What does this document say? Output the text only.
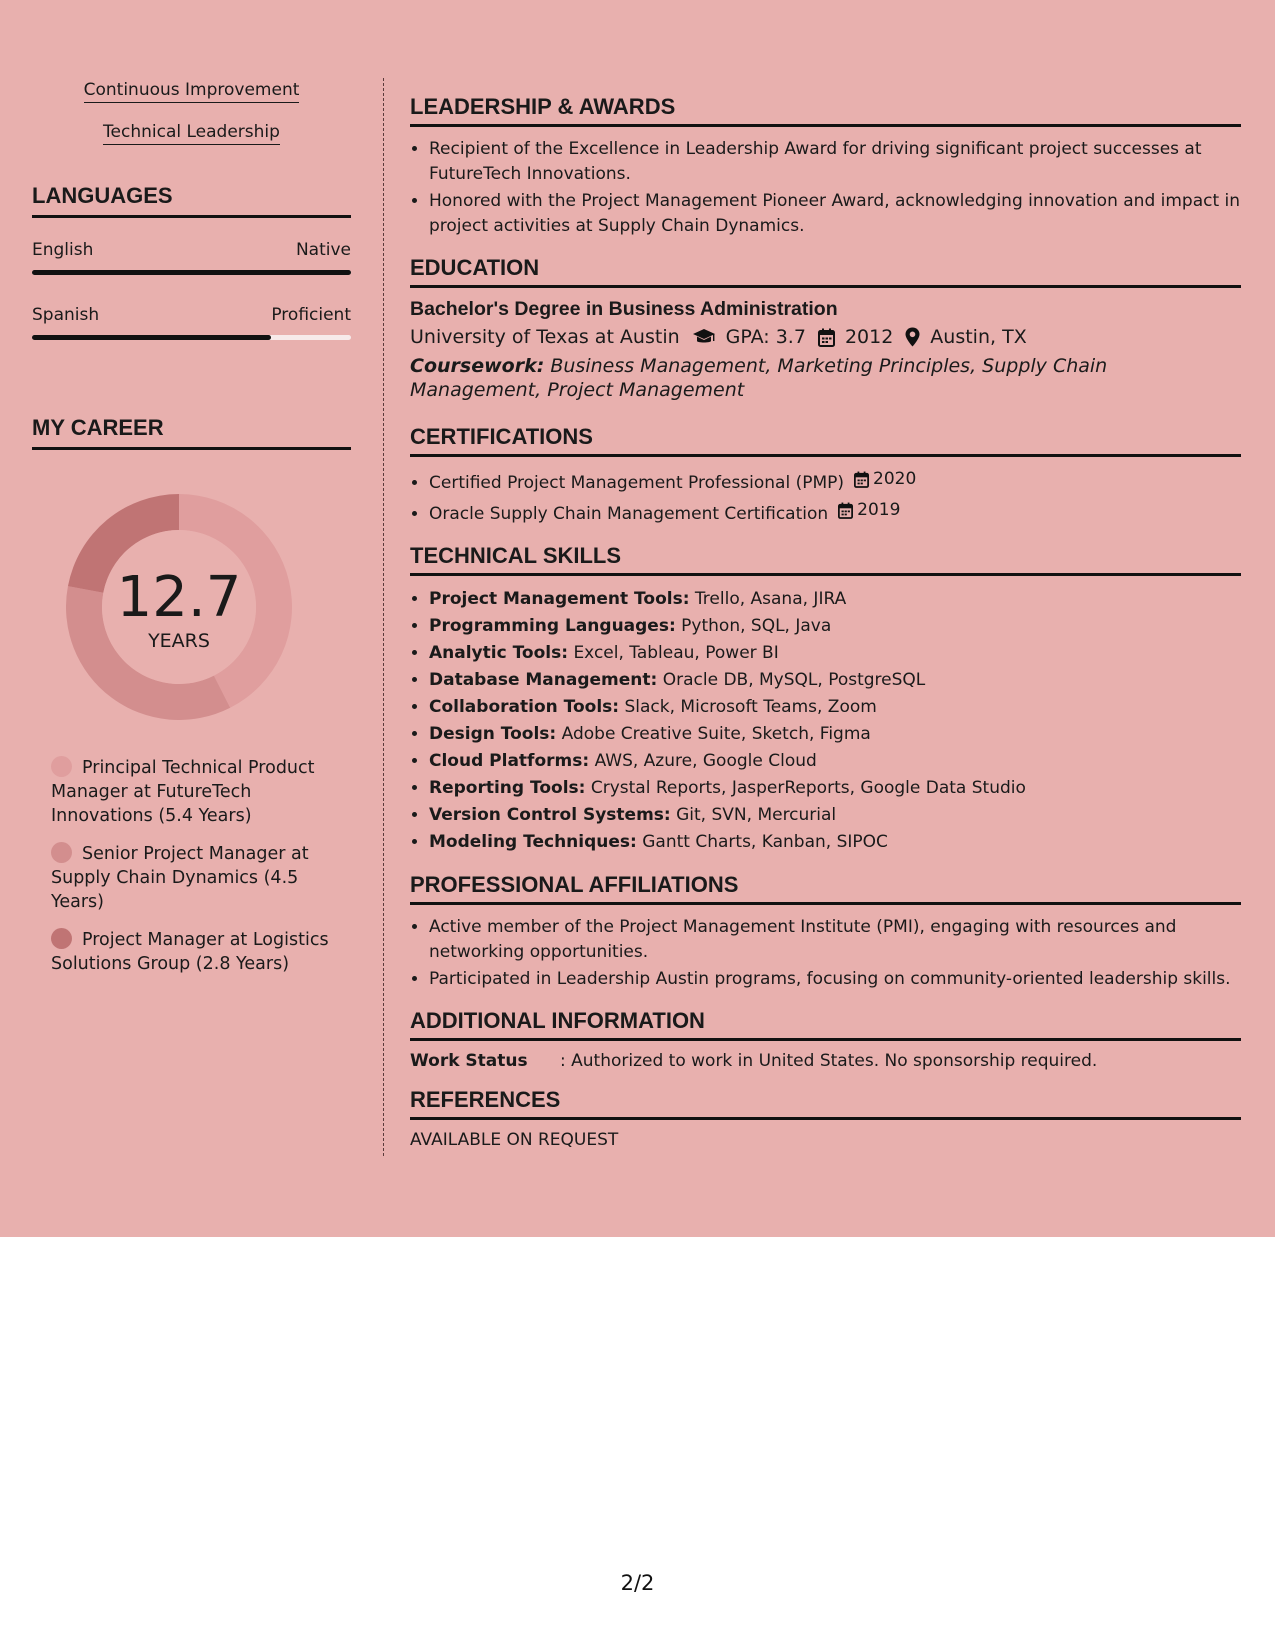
Continuous Improvement
Technical Leadership
LANGUAGES
English	Native
Spanish	Proficient
MY CAREER
12.7
YEARS
Principal Technical Product Manager at FutureTech Innovations (5.4 Years)
Senior Project Manager at Supply Chain Dynamics (4.5 Years)
Project Manager at Logistics Solutions Group (2.8 Years)
LEADERSHIP & AWARDS
• Recipient of the Excellence in Leadership Award for driving significant project successes at FutureTech Innovations.
• Honored with the Project Management Pioneer Award, acknowledging innovation and impact in project activities at Supply Chain Dynamics.
EDUCATION
Bachelor's Degree in Business Administration
University of Texas at Austin GPA: 3.7 2012 Austin, TX
Coursework: Business Management, Marketing Principles, Supply Chain Management, Project Management
CERTIFICATIONS
• Certified Project Management Professional (PMP) 2020
• Oracle Supply Chain Management Certification 2019
TECHNICAL SKILLS
• Project Management Tools: Trello, Asana, JIRA
• Programming Languages: Python, SQL, Java
• Analytic Tools: Excel, Tableau, Power BI
• Database Management: Oracle DB, MySQL, PostgreSQL
• Collaboration Tools: Slack, Microsoft Teams, Zoom
• Design Tools: Adobe Creative Suite, Sketch, Figma
• Cloud Platforms: AWS, Azure, Google Cloud
• Reporting Tools: Crystal Reports, JasperReports, Google Data Studio
• Version Control Systems: Git, SVN, Mercurial
• Modeling Techniques: Gantt Charts, Kanban, SIPOC
PROFESSIONAL AFFILIATIONS
• Active member of the Project Management Institute (PMI), engaging with resources and networking opportunities.
• Participated in Leadership Austin programs, focusing on community-oriented leadership skills.
ADDITIONAL INFORMATION
Work Status	: Authorized to work in United States. No sponsorship required.
REFERENCES
AVAILABLE ON REQUEST
2/2
